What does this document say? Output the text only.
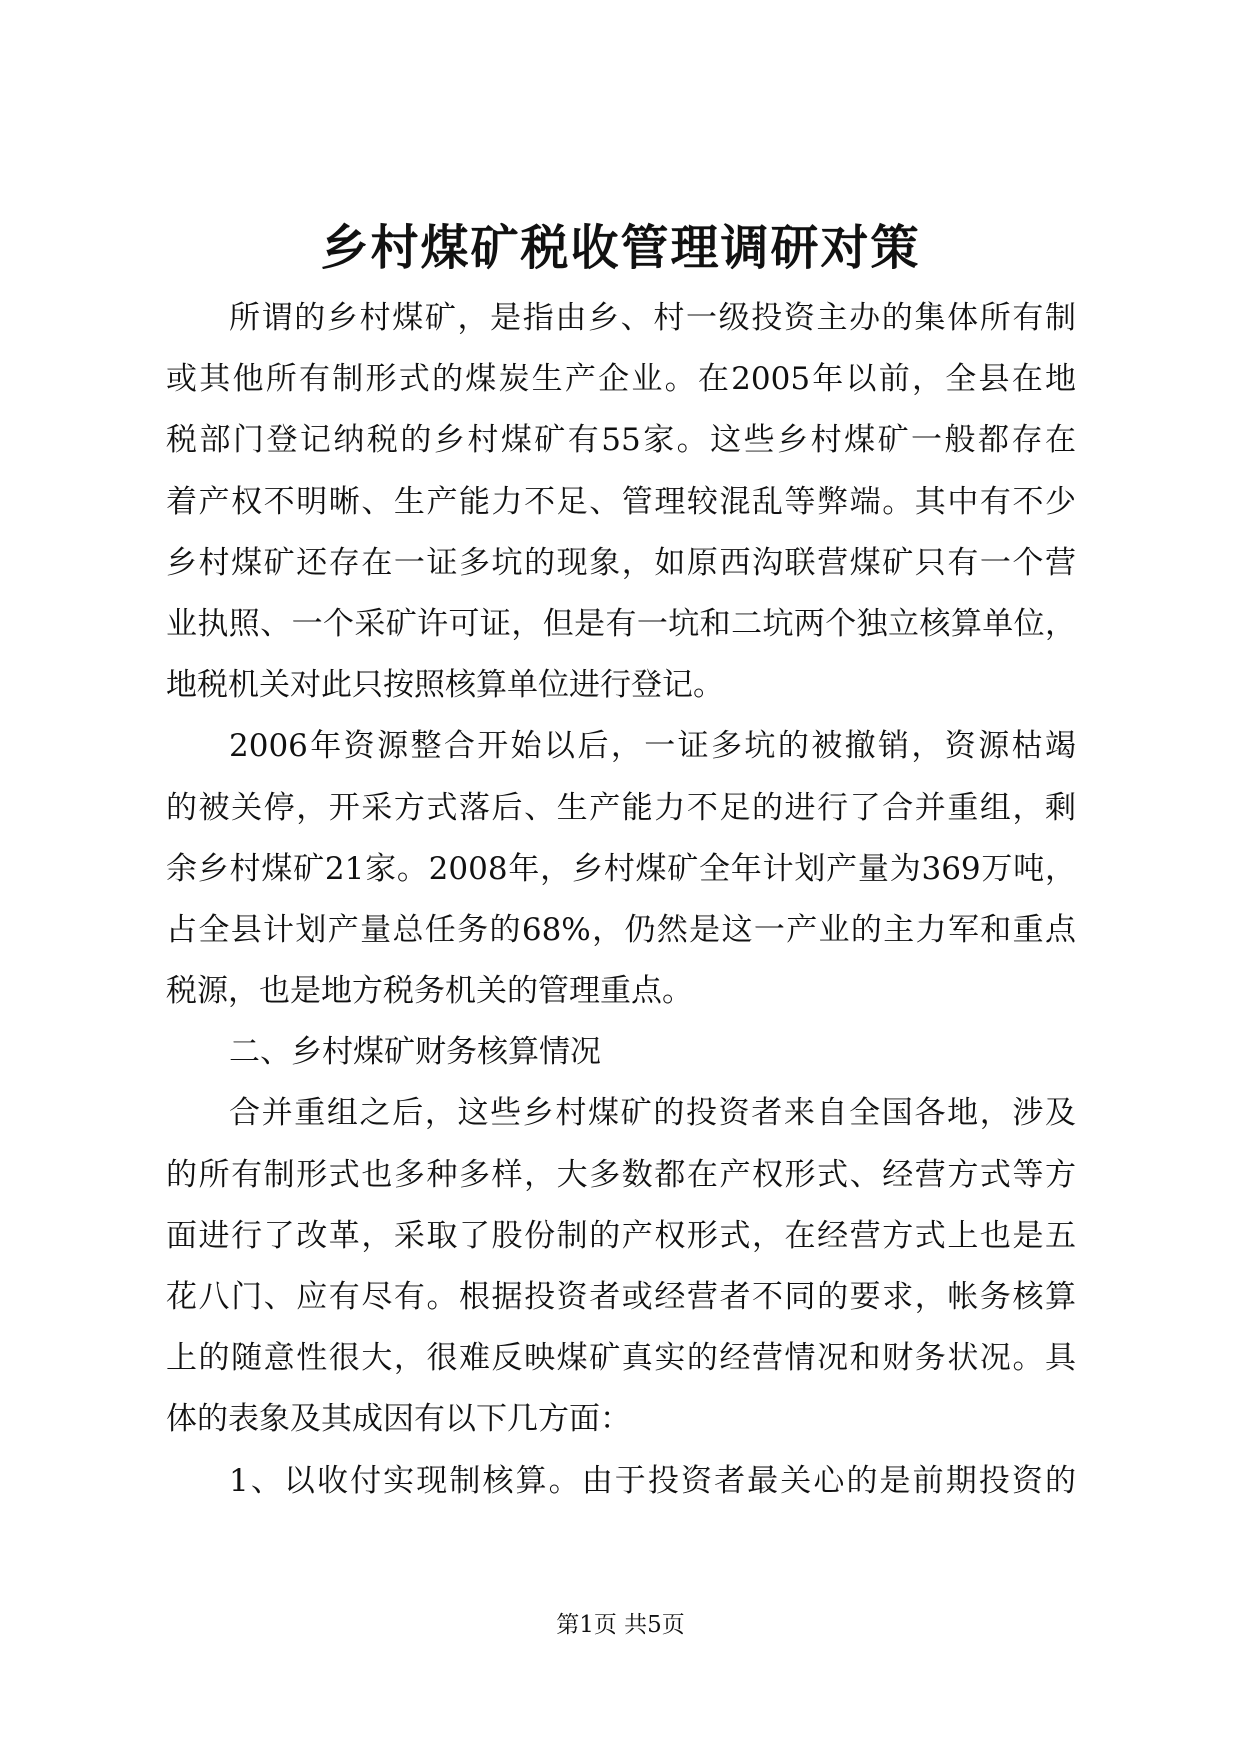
乡村煤矿税收管理调研对策
所谓的乡村煤矿，是指由乡、村一级投资主办的集体所有制
或其他所有制形式的煤炭生产企业。在2005年以前，全县在地
税部门登记纳税的乡村煤矿有55家。这些乡村煤矿一般都存在
着产权不明晰、生产能力不足、管理较混乱等弊端。其中有不少
乡村煤矿还存在一证多坑的现象，如原西沟联营煤矿只有一个营
业执照、一个采矿许可证，但是有一坑和二坑两个独立核算单位，
地税机关对此只按照核算单位进行登记。
2006年资源整合开始以后，一证多坑的被撤销，资源枯竭
的被关停，开采方式落后、生产能力不足的进行了合并重组，剩
余乡村煤矿21家。2008年，乡村煤矿全年计划产量为369万吨，
占全县计划产量总任务的68%，仍然是这一产业的主力军和重点
税源，也是地方税务机关的管理重点。
二、乡村煤矿财务核算情况
合并重组之后，这些乡村煤矿的投资者来自全国各地，涉及
的所有制形式也多种多样，大多数都在产权形式、经营方式等方
面进行了改革，采取了股份制的产权形式，在经营方式上也是五
花八门、应有尽有。根据投资者或经营者不同的要求，帐务核算
上的随意性很大，很难反映煤矿真实的经营情况和财务状况。具
体的表象及其成因有以下几方面：
1、以收付实现制核算。由于投资者最关心的是前期投资的
第1页 共5页
